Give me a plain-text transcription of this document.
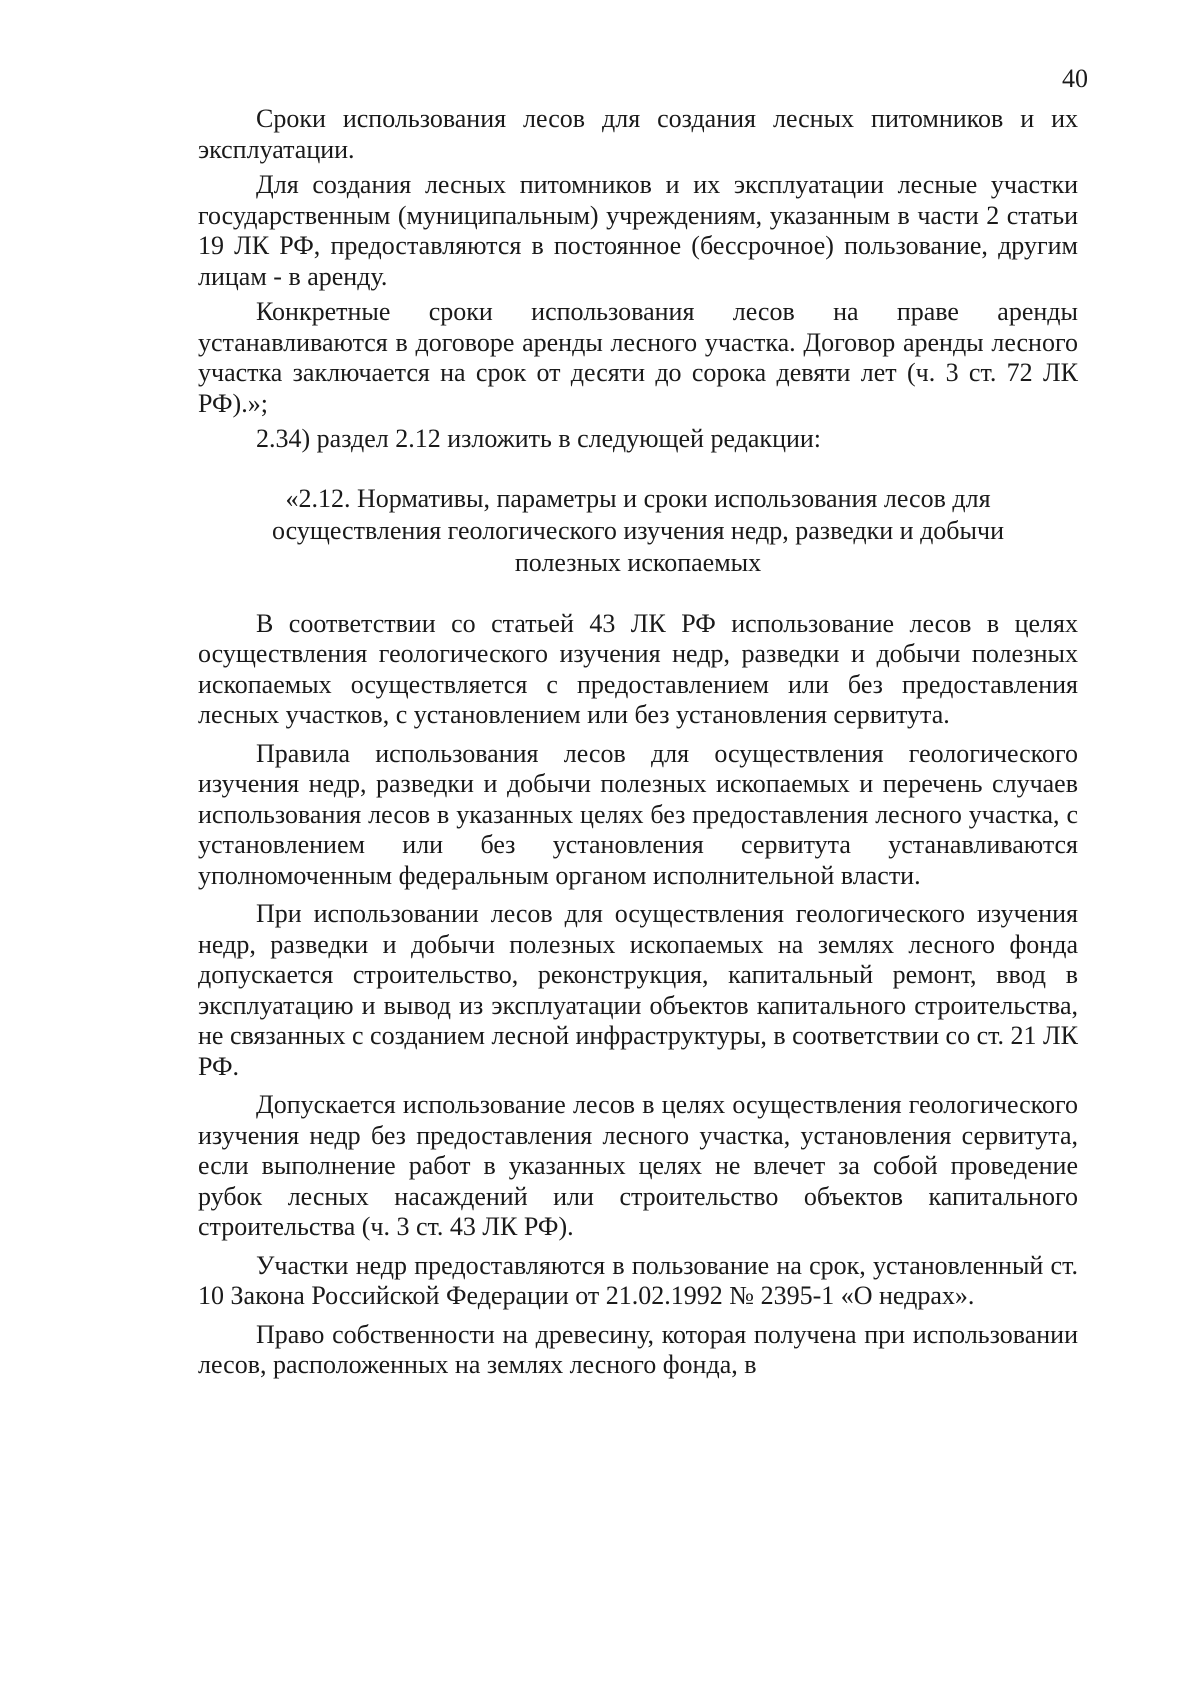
40

Сроки использования лесов для создания лесных питомников и их эксплуатации.

Для создания лесных питомников и их эксплуатации лесные участки государственным (муниципальным) учреждениям, указанным в части 2 статьи 19 ЛК РФ, предоставляются в постоянное (бессрочное) пользование, другим лицам - в аренду.

Конкретные сроки использования лесов на праве аренды устанавливаются в договоре аренды лесного участка. Договор аренды лесного участка заключается на срок от десяти до сорока девяти лет (ч. 3 ст. 72 ЛК РФ).»;

2.34) раздел 2.12 изложить в следующей редакции:

«2.12. Нормативы, параметры и сроки использования лесов для осуществления геологического изучения недр, разведки и добычи полезных ископаемых

В соответствии со статьей 43 ЛК РФ использование лесов в целях осуществления геологического изучения недр, разведки и добычи полезных ископаемых осуществляется с предоставлением или без предоставления лесных участков, с установлением или без установления сервитута.

Правила использования лесов для осуществления геологического изучения недр, разведки и добычи полезных ископаемых и перечень случаев использования лесов в указанных целях без предоставления лесного участка, с установлением или без установления сервитута устанавливаются уполномоченным федеральным органом исполнительной власти.

При использовании лесов для осуществления геологического изучения недр, разведки и добычи полезных ископаемых на землях лесного фонда допускается строительство, реконструкция, капитальный ремонт, ввод в эксплуатацию и вывод из эксплуатации объектов капитального строительства, не связанных с созданием лесной инфраструктуры, в соответствии со ст. 21 ЛК РФ.

Допускается использование лесов в целях осуществления геологического изучения недр без предоставления лесного участка, установления сервитута, если выполнение работ в указанных целях не влечет за собой проведение рубок лесных насаждений или строительство объектов капитального строительства (ч. 3 ст. 43 ЛК РФ).

Участки недр предоставляются в пользование на срок, установленный ст. 10 Закона Российской Федерации от 21.02.1992 № 2395-1 «О недрах».

Право собственности на древесину, которая получена при использовании лесов, расположенных на землях лесного фонда, в
